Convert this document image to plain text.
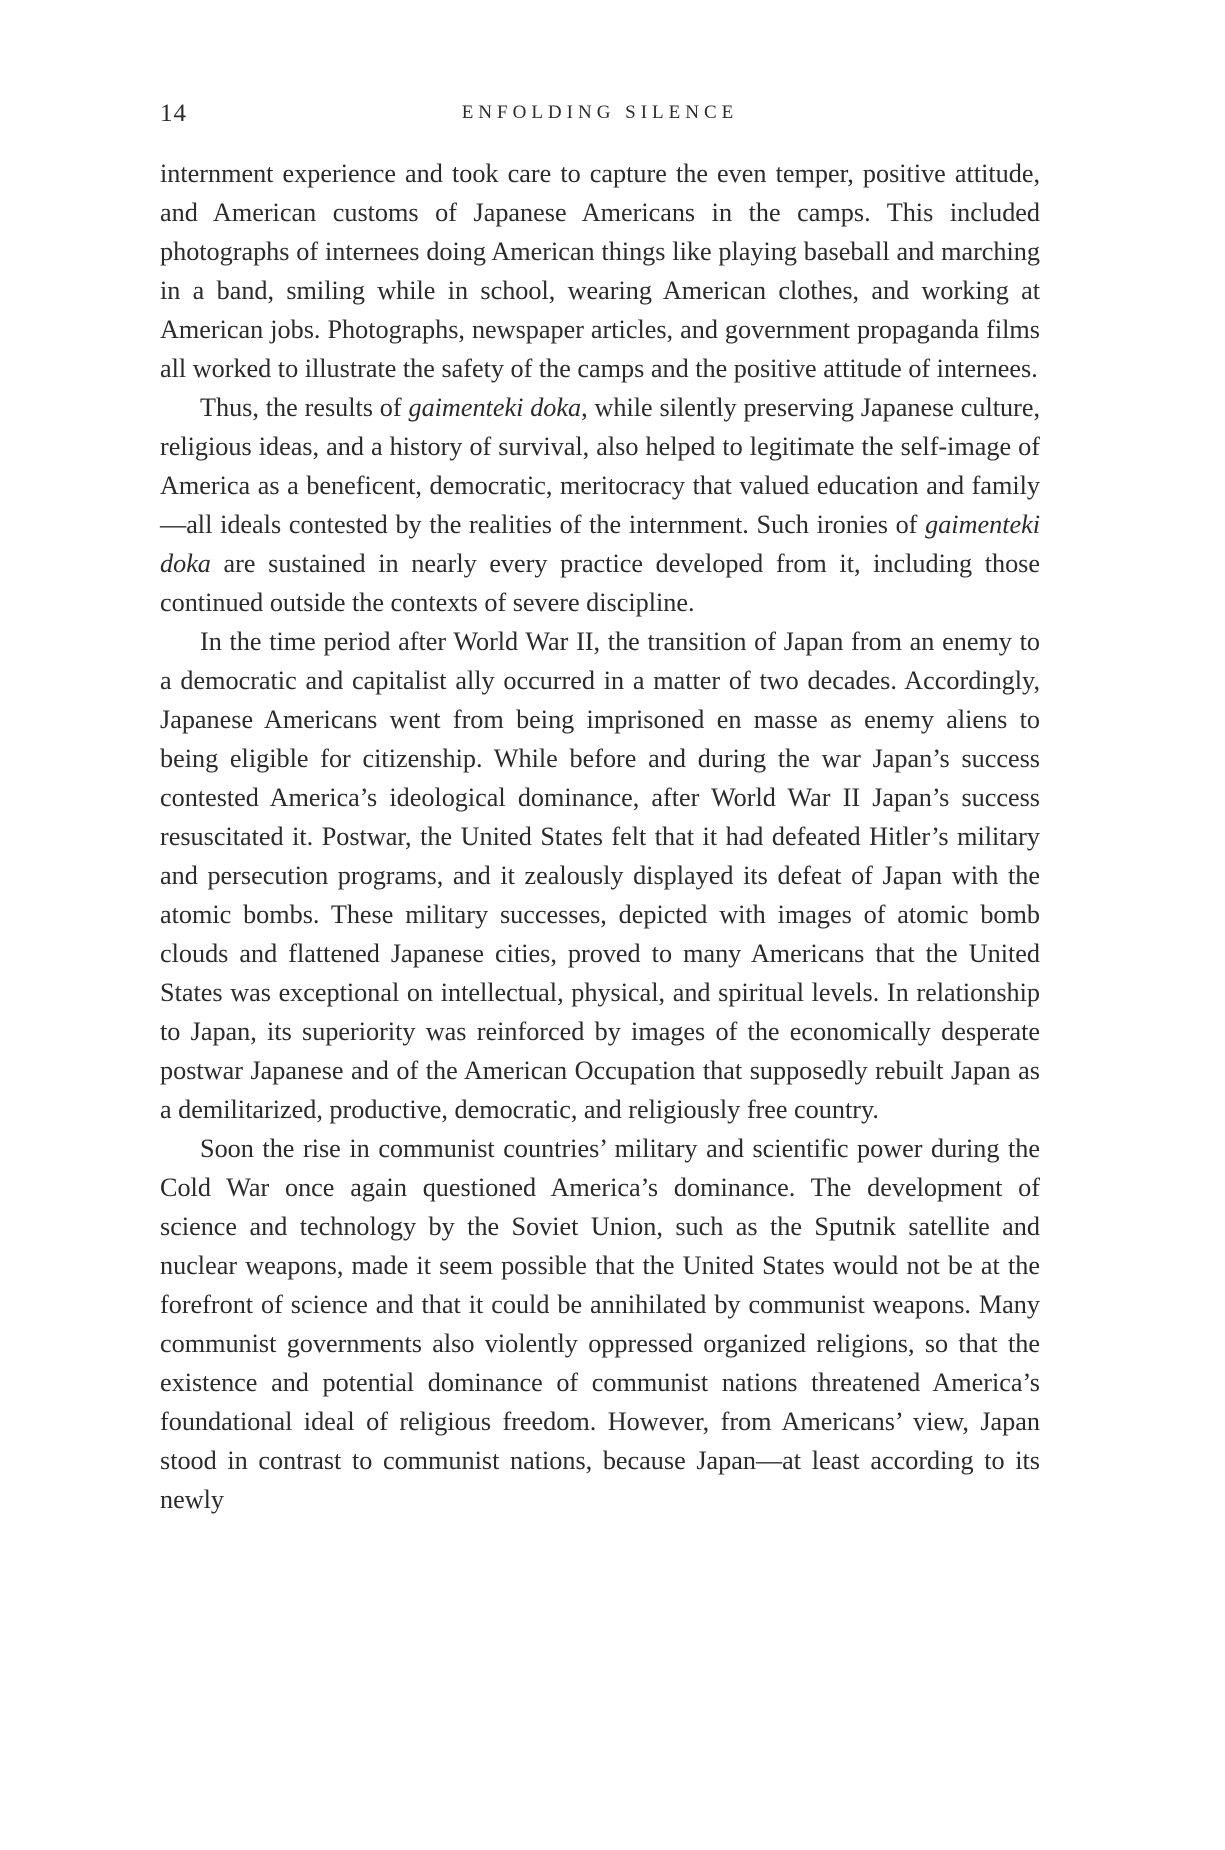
14	ENFOLDING SILENCE

internment experience and took care to capture the even temper, positive attitude, and American customs of Japanese Americans in the camps. This included photographs of internees doing American things like playing baseball and marching in a band, smiling while in school, wearing American clothes, and working at American jobs. Photographs, newspaper articles, and government propaganda films all worked to illustrate the safety of the camps and the positive attitude of internees.

Thus, the results of gaimenteki doka, while silently preserving Japanese culture, religious ideas, and a history of survival, also helped to legitimate the self-image of America as a beneficent, democratic, meritocracy that valued education and family—all ideals contested by the realities of the internment. Such ironies of gaimenteki doka are sustained in nearly every practice developed from it, including those continued outside the contexts of severe discipline.

In the time period after World War II, the transition of Japan from an enemy to a democratic and capitalist ally occurred in a matter of two decades. Accordingly, Japanese Americans went from being imprisoned en masse as enemy aliens to being eligible for citizenship. While before and during the war Japan’s success contested America’s ideological dominance, after World War II Japan’s success resuscitated it. Postwar, the United States felt that it had defeated Hitler’s military and persecution programs, and it zealously displayed its defeat of Japan with the atomic bombs. These military successes, depicted with images of atomic bomb clouds and flattened Japanese cities, proved to many Americans that the United States was exceptional on intellectual, physical, and spiritual levels. In relationship to Japan, its superiority was reinforced by images of the economically desperate postwar Japanese and of the American Occupation that supposedly rebuilt Japan as a demilitarized, productive, democratic, and religiously free country.

Soon the rise in communist countries’ military and scientific power during the Cold War once again questioned America’s dominance. The development of science and technology by the Soviet Union, such as the Sputnik satellite and nuclear weapons, made it seem possible that the United States would not be at the forefront of science and that it could be annihilated by communist weapons. Many communist governments also violently oppressed organized religions, so that the existence and potential dominance of communist nations threatened America’s foundational ideal of religious freedom. However, from Americans’ view, Japan stood in contrast to communist nations, because Japan—at least according to its newly
